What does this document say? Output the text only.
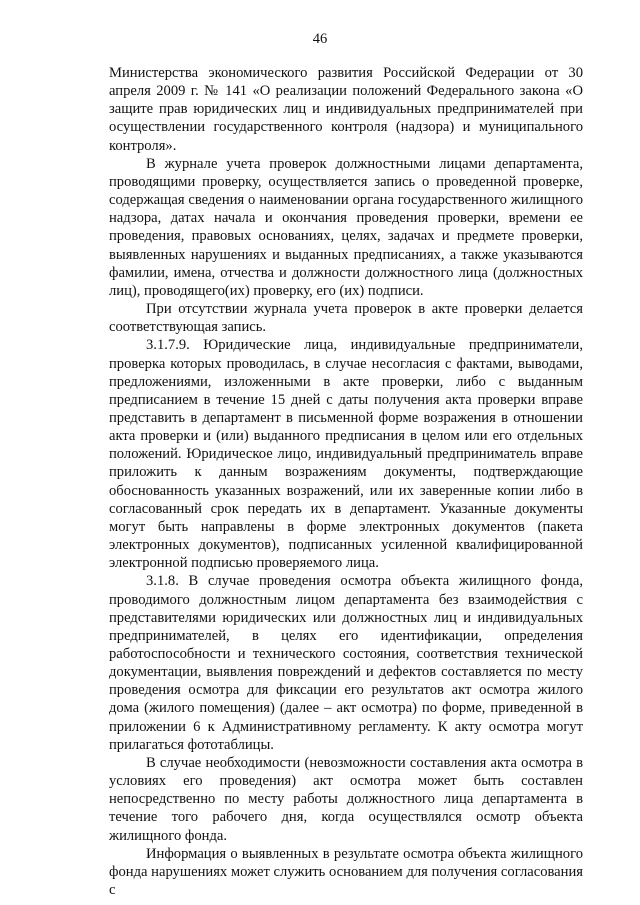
46

Министерства экономического развития Российской Федерации от 30 апреля 2009 г. № 141 «О реализации положений Федерального закона «О защите прав юридических лиц и индивидуальных предпринимателей при осуществлении государственного контроля (надзора) и муниципального контроля».

В журнале учета проверок должностными лицами департамента, проводящими проверку, осуществляется запись о проведенной проверке, содержащая сведения о наименовании органа государственного жилищного надзора, датах начала и окончания проведения проверки, времени ее проведения, правовых основаниях, целях, задачах и предмете проверки, выявленных нарушениях и выданных предписаниях, а также указываются фамилии, имена, отчества и должности должностного лица (должностных лиц), проводящего(их) проверку, его (их) подписи.

При отсутствии журнала учета проверок в акте проверки делается соответствующая запись.

3.1.7.9. Юридические лица, индивидуальные предприниматели, проверка которых проводилась, в случае несогласия с фактами, выводами, предложениями, изложенными в акте проверки, либо с выданным предписанием в течение 15 дней с даты получения акта проверки вправе представить в департамент в письменной форме возражения в отношении акта проверки и (или) выданного предписания в целом или его отдельных положений. Юридическое лицо, индивидуальный предприниматель вправе приложить к данным возражениям документы, подтверждающие обоснованность указанных возражений, или их заверенные копии либо в согласованный срок передать их в департамент. Указанные документы могут быть направлены в форме электронных документов (пакета электронных документов), подписанных усиленной квалифицированной электронной подписью проверяемого лица.

3.1.8. В случае проведения осмотра объекта жилищного фонда, проводимого должностным лицом департамента без взаимодействия с представителями юридических или должностных лиц и индивидуальных предпринимателей, в целях его идентификации, определения работоспособности и технического состояния, соответствия технической документации, выявления повреждений и дефектов составляется по месту проведения осмотра для фиксации его результатов акт осмотра жилого дома (жилого помещения) (далее – акт осмотра) по форме, приведенной в приложении 6 к Административному регламенту. К акту осмотра могут прилагаться фототаблицы.

В случае необходимости (невозможности составления акта осмотра в условиях его проведения) акт осмотра может быть составлен непосредственно по месту работы должностного лица департамента в течение того рабочего дня, когда осуществлялся осмотр объекта жилищного фонда.

Информация о выявленных в результате осмотра объекта жилищного фонда нарушениях может служить основанием для получения согласования с
